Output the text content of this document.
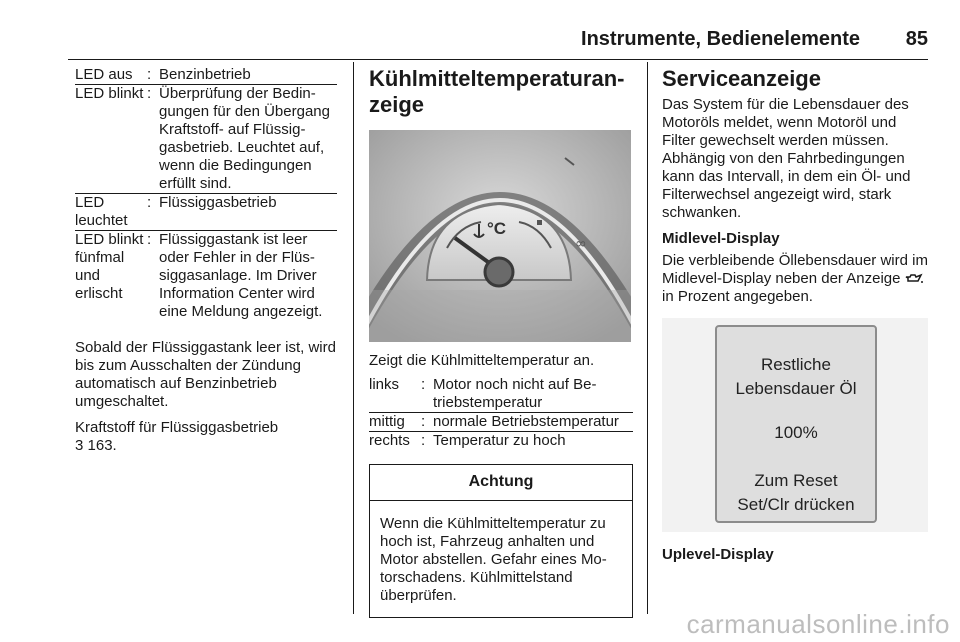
Instrumente, Bedienelemente 85
LED aus : Benzinbetrieb
LED blinkt : Überprüfung der Bedingungen für den Übergang Kraftstoff- auf Flüssiggasbetrieb. Leuchtet auf, wenn die Bedingungen erfüllt sind.
LED leuchtet
: Flüssiggasbetrieb
LED blinkt fünfmal und erlischt
: Flüssiggastank ist leer oder Fehler in der Flüssiggasanlage. Im Driver Information Center wird eine Meldung angezeigt.

Sobald der Flüssiggastank leer ist, wird bis zum Ausschalten der Zündung automatisch auf Benzinbetrieb umgeschaltet.

Kraftstoff für Flüssiggasbetrieb
3 163.

Kühlmitteltemperaturanzeige
∞
°C

Zeigt die Kühlmitteltemperatur an.

links	: Motor noch nicht auf Betriebstemperatur
mittig	: normale Betriebstemperatur
rechts : Temperatur zu hoch
Achtung
Wenn die Kühlmitteltemperatur zu hoch ist, Fahrzeug anhalten und Motor abstellen. Gefahr eines Motorschadens. Kühlmittelstand überprüfen.
Serviceanzeige

Das System für die Lebensdauer des Motoröls meldet, wenn Motoröl und Filter gewechselt werden müssen. Abhängig von den Fahrbedingungen kann das Intervall, in dem ein Öl- und Filterwechsel angezeigt wird, stark schwanken.

Midlevel-Display

Die verbleibende Öllebensdauer wird im Midlevel-Display neben der Anzeige  in Prozent angegeben.

Restliche
Lebensdauer Öl
100%
Zum Reset
Set/Clr drücken

Uplevel-Display

carmanualsonline.info
